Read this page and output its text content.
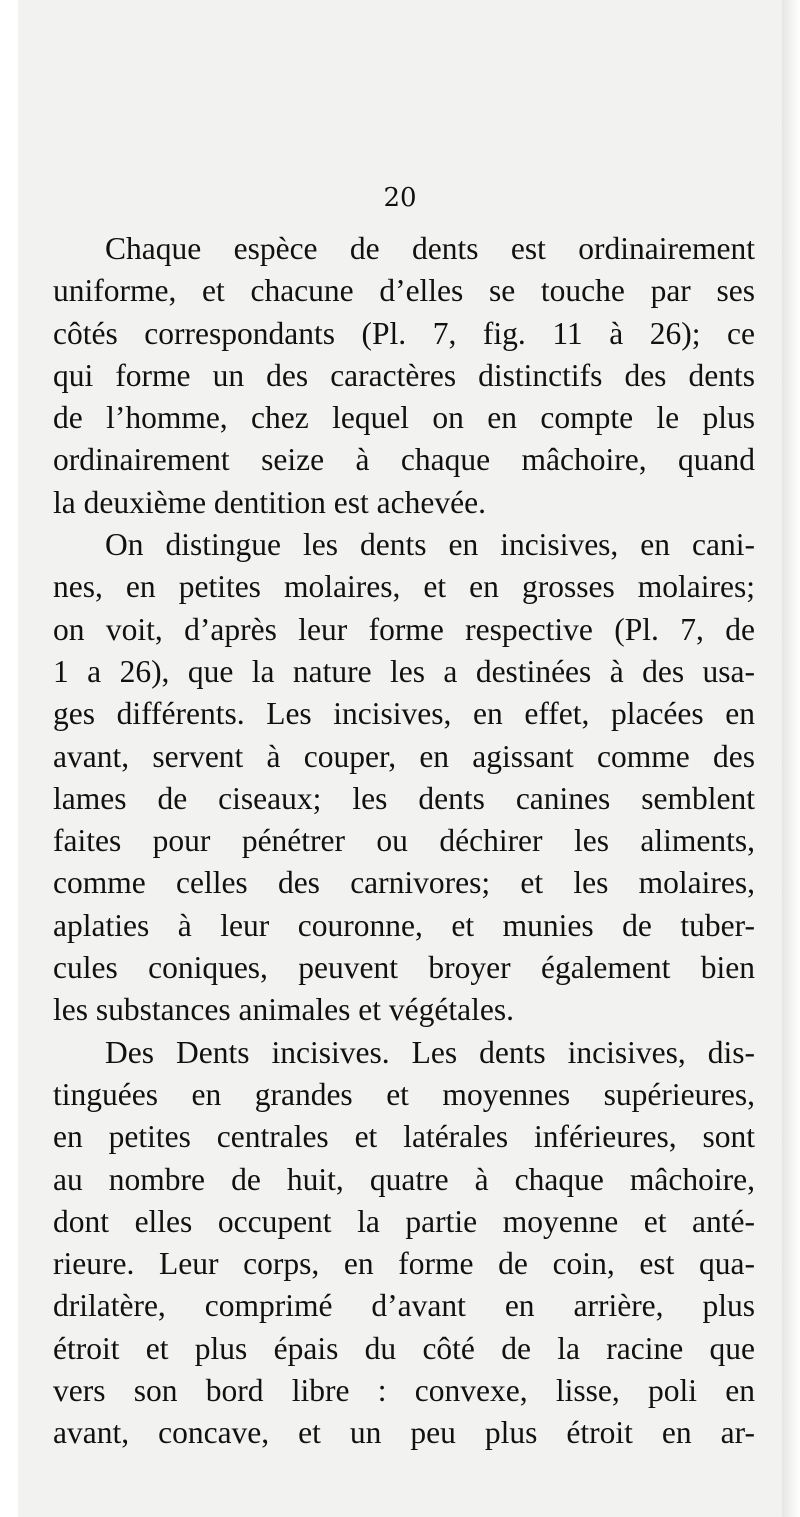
20
Chaque espèce de dents est ordinairement
uniforme, et chacune d’elles se touche par ses
côtés correspondants (Pl. 7, fig. 11 à 26); ce
qui forme un des caractères distinctifs des dents
de l’homme, chez lequel on en compte le plus
ordinairement seize à chaque mâchoire, quand
la deuxième dentition est achevée.
On distingue les dents en incisives, en cani-
nes, en petites molaires, et en grosses molaires;
on voit, d’après leur forme respective (Pl. 7, de
1 a 26), que la nature les a destinées à des usa-
ges différents. Les incisives, en effet, placées en
avant, servent à couper, en agissant comme des
lames de ciseaux; les dents canines semblent
faites pour pénétrer ou déchirer les aliments,
comme celles des carnivores; et les molaires,
aplaties à leur couronne, et munies de tuber-
cules coniques, peuvent broyer également bien
les substances animales et végétales.
Des Dents incisives. Les dents incisives, dis-
tinguées en grandes et moyennes supérieures,
en petites centrales et latérales inférieures, sont
au nombre de huit, quatre à chaque mâchoire,
dont elles occupent la partie moyenne et anté-
rieure. Leur corps, en forme de coin, est qua-
drilatère, comprimé d’avant en arrière, plus
étroit et plus épais du côté de la racine que
vers son bord libre : convexe, lisse, poli en
avant, concave, et un peu plus étroit en ar-
